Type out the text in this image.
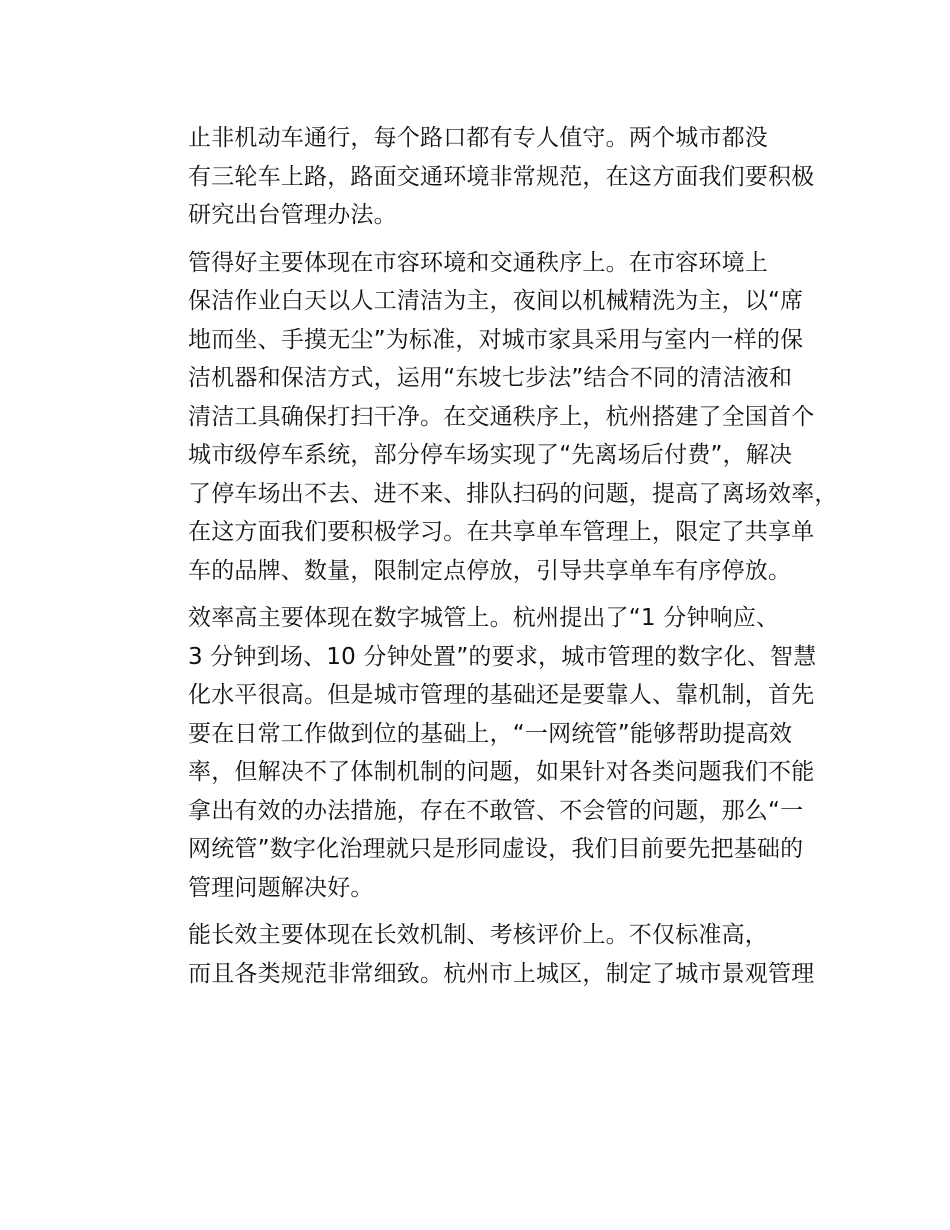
止非机动车通行，每个路口都有专人值守。两个城市都没
有三轮车上路，路面交通环境非常规范，在这方面我们要积极
研究出台管理办法。

管得好主要体现在市容环境和交通秩序上。在市容环境上
保洁作业白天以人工清洁为主，夜间以机械精洗为主，以“席
地而坐、手摸无尘”为标准，对城市家具采用与室内一样的保
洁机器和保洁方式，运用“东坡七步法”结合不同的清洁液和
清洁工具确保打扫干净。在交通秩序上，杭州搭建了全国首个
城市级停车系统，部分停车场实现了“先离场后付费”，解决
了停车场出不去、进不来、排队扫码的问题，提高了离场效率，
在这方面我们要积极学习。在共享单车管理上，限定了共享单
车的品牌、数量，限制定点停放，引导共享单车有序停放。

效率高主要体现在数字城管上。杭州提出了“1 分钟响应、
3 分钟到场、10 分钟处置”的要求，城市管理的数字化、智慧
化水平很高。但是城市管理的基础还是要靠人、靠机制，首先
要在日常工作做到位的基础上，“一网统管”能够帮助提高效
率，但解决不了体制机制的问题，如果针对各类问题我们不能
拿出有效的办法措施，存在不敢管、不会管的问题，那么“一
网统管”数字化治理就只是形同虚设，我们目前要先把基础的
管理问题解决好。

能长效主要体现在长效机制、考核评价上。不仅标准高，
而且各类规范非常细致。杭州市上城区，制定了城市景观管理
